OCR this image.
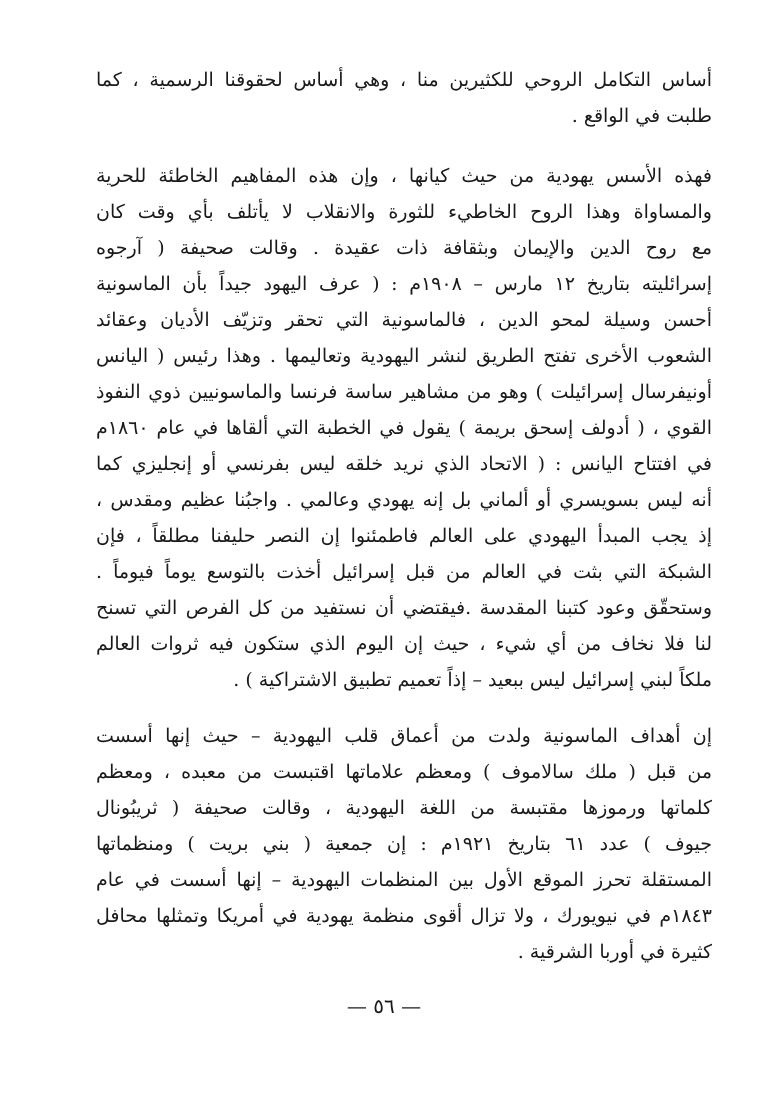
أساس التكامل الروحي للكثيرين منا ، وهي أساس لحقوقنا الرسمية ، كما
طلبت في الواقع .

فهذه الأسس يهودية من حيث كيانها ، وإن هذه المفاهيم الخاطئة للحرية
والمساواة وهذا الروح الخاطيء للثورة والانقلاب لا يأتلف بأي وقت كان
مع روح الدين والإيمان وبثقافة ذات عقيدة . وقالت صحيفة ( آرجوه
إسرائليته بتاريخ ١٢ مارس – ١٩٠٨م : ( عرف اليهود جيداً بأن الماسونية
أحسن وسيلة لمحو الدين ، فالماسونية التي تحقر وتزيّف الأديان وعقائد
الشعوب الأخرى تفتح الطريق لنشر اليهودية وتعاليمها . وهذا رئيس ( اليانس
أونيفرسال إسرائيلت ) وهو من مشاهير ساسة فرنسا والماسونيين ذوي النفوذ
القوي ، ( أدولف إسحق بريمة ) يقول في الخطبة التي ألقاها في عام ١٨٦٠م
في افتتاح اليانس : ( الاتحاد الذي نريد خلقه ليس بفرنسي أو إنجليزي كما
أنه ليس بسويسري أو ألماني بل إنه يهودي وعالمي . واجبُنا عظيم ومقدس ،
إذ يجب المبدأ اليهودي على العالم فاطمئنوا إن النصر حليفنا مطلقاً ، فإن
الشبكة التي بثت في العالم من قبل إسرائيل أخذت بالتوسع يوماً فيوماً .
وستحقّق وعود كتبنا المقدسة .فيقتضي أن نستفيد من كل الفرص التي تسنح
لنا فلا نخاف من أي شيء ، حيث إن اليوم الذي ستكون فيه ثروات العالم
ملكاً لبني إسرائيل ليس ببعيد – إذاً تعميم تطبيق الاشتراكية ) .

إن أهداف الماسونية ولدت من أعماق قلب اليهودية – حيث إنها أسست
من قبل ( ملك سالاموف ) ومعظم علاماتها اقتبست من معبده ، ومعظم
كلماتها ورموزها مقتبسة من اللغة اليهودية ، وقالت صحيفة ( ثريبُونال
جيوف ) عدد ٦١ بتاريخ ١٩٢١م : إن جمعية ( بني بريت ) ومنظماتها
المستقلة تحرز الموقع الأول بين المنظمات اليهودية – إنها أسست في عام
١٨٤٣م في نيويورك ، ولا تزال أقوى منظمة يهودية في أمريكا وتمثلها محافل
كثيرة في أوربا الشرقية .

— ٥٦ —
